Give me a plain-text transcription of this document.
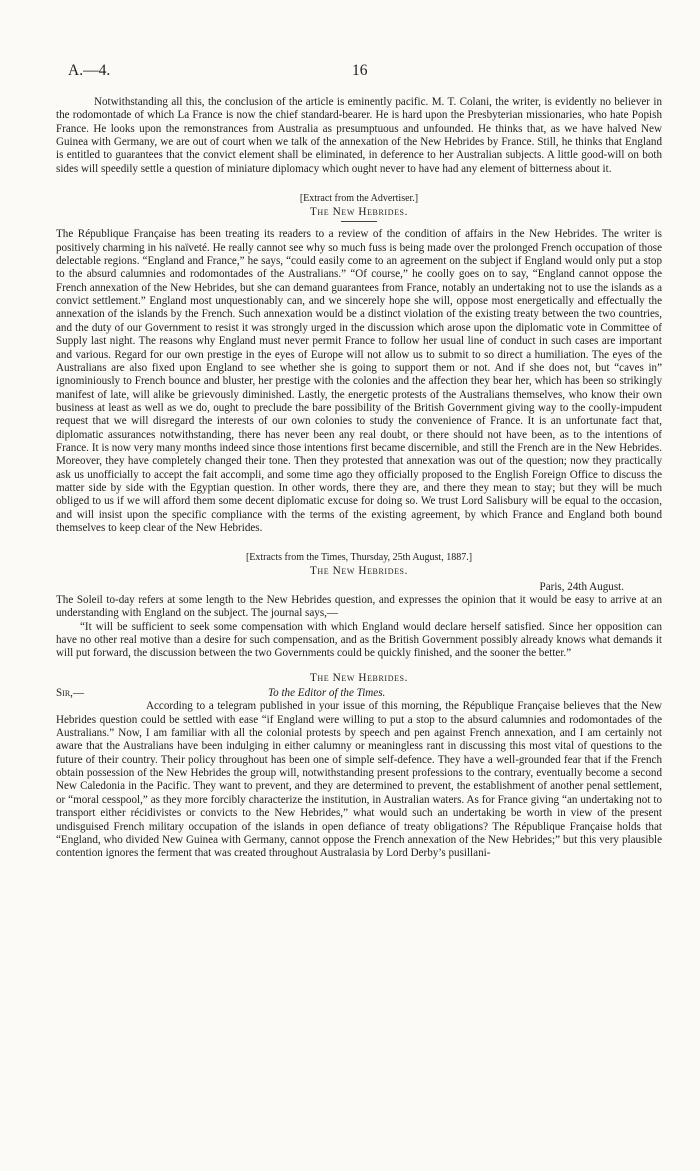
A.—4.	16

Notwithstanding all this, the conclusion of the article is eminently pacific. M. T. Colani, the writer, is evidently no believer in the rodomontade of which La France is now the chief standard-bearer. He is hard upon the Presbyterian missionaries, who hate Popish France. He looks upon the remonstrances from Australia as presumptuous and unfounded. He thinks that, as we have halved New Guinea with Germany, we are out of court when we talk of the annexation of the New Hebrides by France. Still, he thinks that England is entitled to guarantees that the convict element shall be eliminated, in deference to her Australian subjects. A little good-will on both sides will speedily settle a question of miniature diplomacy which ought never to have had any element of bitterness about it.

[Extract from the Advertiser.]
The New Hebrides.

The République Française has been treating its readers to a review of the condition of affairs in the New Hebrides. The writer is positively charming in his naïveté. He really cannot see why so much fuss is being made over the prolonged French occupation of those delectable regions. “England and France,” he says, “could easily come to an agreement on the subject if England would only put a stop to the absurd calumnies and rodomontades of the Australians.” “Of course,” he coolly goes on to say, “England cannot oppose the French annexation of the New Hebrides, but she can demand guarantees from France, notably an undertaking not to use the islands as a convict settlement.” England most unquestionably can, and we sincerely hope she will, oppose most energetically and effectually the annexation of the islands by the French. Such annexation would be a distinct violation of the existing treaty between the two countries, and the duty of our Government to resist it was strongly urged in the discussion which arose upon the diplomatic vote in Committee of Supply last night. The reasons why England must never permit France to follow her usual line of conduct in such cases are important and various. Regard for our own prestige in the eyes of Europe will not allow us to submit to so direct a humiliation. The eyes of the Australians are also fixed upon England to see whether she is going to support them or not. And if she does not, but “caves in” ignominiously to French bounce and bluster, her prestige with the colonies and the affection they bear her, which has been so strikingly manifest of late, will alike be grievously diminished. Lastly, the energetic protests of the Australians themselves, who know their own business at least as well as we do, ought to preclude the bare possibility of the British Government giving way to the coolly-impudent request that we will disregard the interests of our own colonies to study the convenience of France. It is an unfortunate fact that, diplomatic assurances notwithstanding, there has never been any real doubt, or there should not have been, as to the intentions of France. It is now very many months indeed since those intentions first became discernible, and still the French are in the New Hebrides. Moreover, they have completely changed their tone. Then they protested that annexation was out of the question; now they practically ask us unofficially to accept the fait accompli, and some time ago they officially proposed to the English Foreign Office to discuss the matter side by side with the Egyptian question. In other words, there they are, and there they mean to stay; but they will be much obliged to us if we will afford them some decent diplomatic excuse for doing so. We trust Lord Salisbury will be equal to the occasion, and will insist upon the specific compliance with the terms of the existing agreement, by which France and England both bound themselves to keep clear of the New Hebrides.

[Extracts from the Times, Thursday, 25th August, 1887.]
The New Hebrides.
Paris, 24th August.

The Soleil to-day refers at some length to the New Hebrides question, and expresses the opinion that it would be easy to arrive at an understanding with England on the subject. The journal says,—

“It will be sufficient to seek some compensation with which England would declare herself satisfied. Since her opposition can have no other real motive than a desire for such compensation, and as the British Government possibly already knows what demands it will put forward, the discussion between the two Governments could be quickly finished, and the sooner the better.”

The New Hebrides.
Sir,—	To the Editor of the Times.

According to a telegram published in your issue of this morning, the République Française believes that the New Hebrides question could be settled with ease “if England were willing to put a stop to the absurd calumnies and rodomontades of the Australians.” Now, I am familiar with all the colonial protests by speech and pen against French annexation, and I am certainly not aware that the Australians have been indulging in either calumny or meaningless rant in discussing this most vital of questions to the future of their country. Their policy throughout has been one of simple self-defence. They have a well-grounded fear that if the French obtain possession of the New Hebrides the group will, notwithstanding present professions to the contrary, eventually become a second New Caledonia in the Pacific. They want to prevent, and they are determined to prevent, the establishment of another penal settlement, or “moral cesspool,” as they more forcibly characterize the institution, in Australian waters. As for France giving “an undertaking not to transport either récidivistes or convicts to the New Hebrides,” what would such an undertaking be worth in view of the present undisguised French military occupation of the islands in open defiance of treaty obligations? The République Française holds that “England, who divided New Guinea with Germany, cannot oppose the French annexation of the New Hebrides;” but this very plausible contention ignores the ferment that was created throughout Australasia by Lord Derby’s pusillani-
